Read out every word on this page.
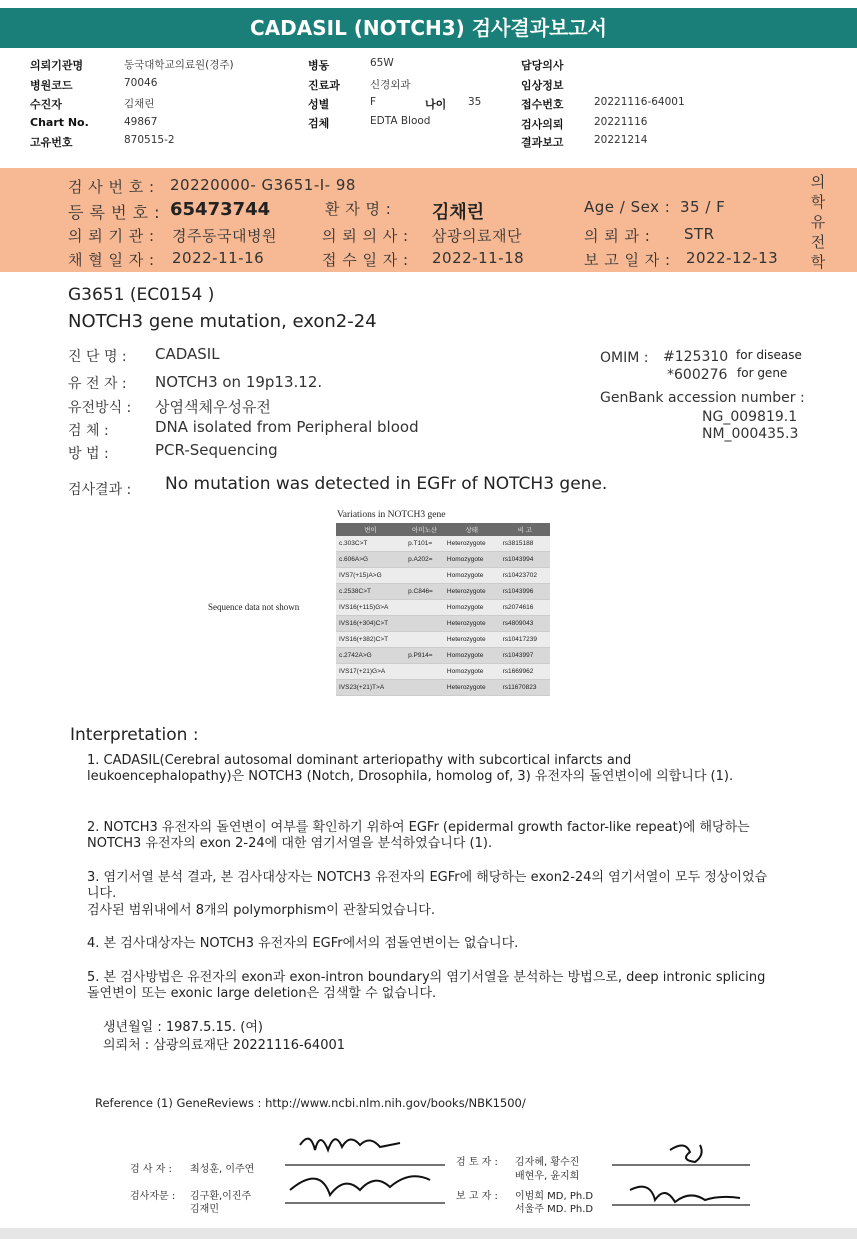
CADASIL (NOTCH3) 검사결과보고서
의뢰기관명	동국대학교의료원(경주)
병원코드	70046
수진자	김채린
Chart No.	49867
고유번호	870515-2
병동	65W
진료과	신경외과
성별	F	나이 35
검체	EDTA Blood
담당의사
임상정보
접수번호	20221116-64001
검사의뢰	20221116
결과보고	20221214
검 사 번 호 : 20220000- G3651-I- 98
등 록 번 호 : 65473744	환 자 명 : 김채린	Age / Sex : 35 / F
의 뢰 기 관 : 경주동국대병원	의 뢰 의 사 : 삼광의료재단	의 뢰 과 : STR
채 혈 일 자 : 2022-11-16	접 수 일 자 : 2022-11-18	보 고 일 자 : 2022-12-13
의
학
유
전
학
G3651 (EC0154 )
NOTCH3 gene mutation, exon2-24
진 단 명 : CADASIL
유 전 자 : NOTCH3 on 19p13.12.
유전방식 : 상염색체우성유전
검 체 :	DNA isolated from Peripheral blood
방 법 :	PCR-Sequencing
OMIM : #125310 for disease
*600276 for gene
GenBank accession number :
NG_009819.1
NM_000435.3
검사결과 : No mutation was detected in EGFr of NOTCH3 gene.
Sequence data not shown
Variations in NOTCH3 gene
변이	아미노산	상태	비 고
c.303C>T	p.T101=	Heterozygote	rs3815188
c.606A>G	p.A202=	Homozygote	rs1043994
IVS7(+15)A>G		Homozygote	rs10423702
c.2538C>T	p.C846=	Heterozygote	rs1043996
IVS16(+115)G>A		Homozygote	rs2074616
IVS16(+304)C>T		Heterozygote	rs4809043
IVS16(+382)C>T		Heterozygote	rs10417239
c.2742A>G	p.P914=	Homozygote	rs1043997
IVS17(+21)G>A		Homozygote	rs1669962
IVS23(+21)T>A		Heterozygote	rs11670823
Interpretation :
1. CADASIL(Cerebral autosomal dominant arteriopathy with subcortical infarcts and leukoencephalopathy)은 NOTCH3 (Notch, Drosophila, homolog of, 3) 유전자의 돌연변이에 의합니다 (1).
2. NOTCH3 유전자의 돌연변이 여부를 확인하기 위하여 EGFr (epidermal growth factor-like repeat)에 해당하는 NOTCH3 유전자의 exon 2-24에 대한 염기서열을 분석하였습니다 (1).
3. 염기서열 분석 결과, 본 검사대상자는 NOTCH3 유전자의 EGFr에 해당하는 exon2-24의 염기서열이 모두 정상이었습니다.
검사된 범위내에서 8개의 polymorphism이 관찰되었습니다.
4. 본 검사대상자는 NOTCH3 유전자의 EGFr에서의 점돌연변이는 없습니다.
5. 본 검사방법은 유전자의 exon과 exon-intron boundary의 염기서열을 분석하는 방법으로, deep intronic splicing 돌연변이 또는 exonic large deletion은 검색할 수 없습니다.
생년월일 : 1987.5.15. (여)
의뢰처 : 삼광의료재단 20221116-64001
Reference (1) GeneReviews : http://www.ncbi.nlm.nih.gov/books/NBK1500/
검 사 자 : 최성훈, 이주연
검사자문 : 김구환,이진주
김재민
검 토 자 : 김자혜, 황수진
배현우, 윤지희
보 고 자 : 이범희 MD, Ph.D
서울주 MD. Ph.D
